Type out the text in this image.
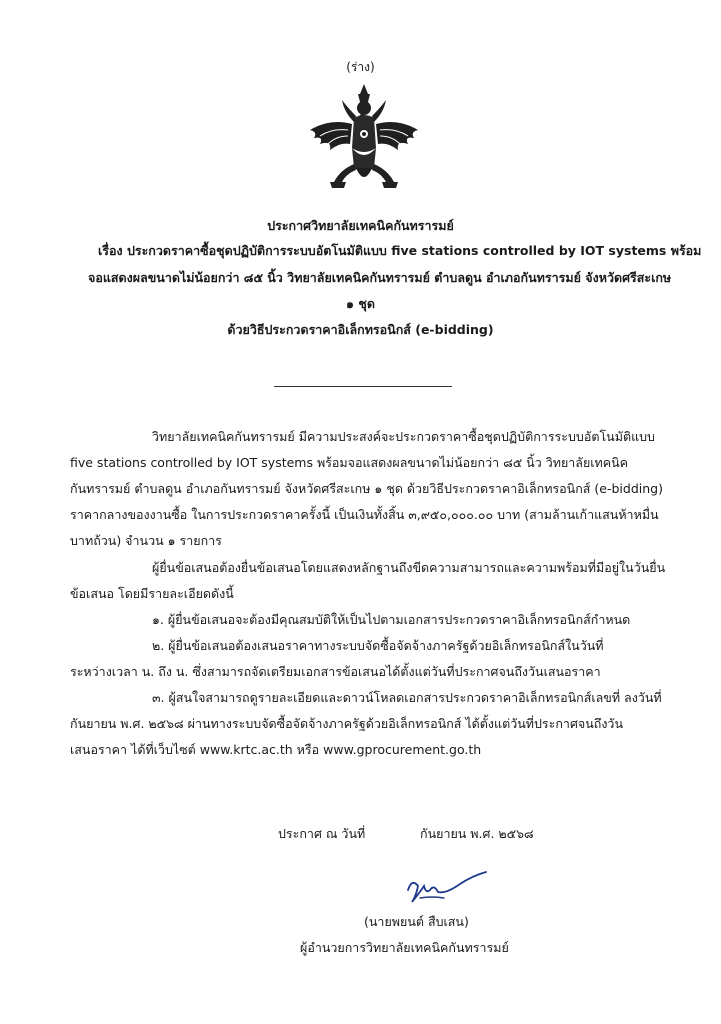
(ร่าง)
ประกาศวิทยาลัยเทคนิคกันทรารมย์
เรื่อง ประกวดราคาซื้อชุดปฏิบัติการระบบอัตโนมัติแบบ five stations controlled by IOT systems พร้อม
จอแสดงผลขนาดไม่น้อยกว่า ๘๕ นิ้ว วิทยาลัยเทคนิคกันทรารมย์ ตำบลดูน อำเภอกันทรารมย์ จังหวัดศรีสะเกษ
๑ ชุด
ด้วยวิธีประกวดราคาอิเล็กทรอนิกส์ (e-bidding)
วิทยาลัยเทคนิคกันทรารมย์ มีความประสงค์จะประกวดราคาซื้อชุดปฏิบัติการระบบอัตโนมัติแบบ
five stations controlled by IOT systems พร้อมจอแสดงผลขนาดไม่น้อยกว่า ๘๕ นิ้ว วิทยาลัยเทคนิค
กันทรารมย์ ตำบลดูน อำเภอกันทรารมย์ จังหวัดศรีสะเกษ ๑ ชุด ด้วยวิธีประกวดราคาอิเล็กทรอนิกส์ (e-bidding)
ราคากลางของงานซื้อ ในการประกวดราคาครั้งนี้ เป็นเงินทั้งสิ้น ๓,๙๕๐,๐๐๐.๐๐ บาท (สามล้านเก้าแสนห้าหมื่น
บาทถ้วน) จำนวน ๑ รายการ
ผู้ยื่นข้อเสนอต้องยื่นข้อเสนอโดยแสดงหลักฐานถึงขีดความสามารถและความพร้อมที่มีอยู่ในวันยื่น
ข้อเสนอ โดยมีรายละเอียดดังนี้
๑. ผู้ยื่นข้อเสนอจะต้องมีคุณสมบัติให้เป็นไปตามเอกสารประกวดราคาอิเล็กทรอนิกส์กำหนด
๒. ผู้ยื่นข้อเสนอต้องเสนอราคาทางระบบจัดซื้อจัดจ้างภาครัฐด้วยอิเล็กทรอนิกส์ในวันที่
ระหว่างเวลา น. ถึง น. ซึ่งสามารถจัดเตรียมเอกสารข้อเสนอได้ตั้งแต่วันที่ประกาศจนถึงวันเสนอราคา
๓. ผู้สนใจสามารถดูรายละเอียดและดาวน์โหลดเอกสารประกวดราคาอิเล็กทรอนิกส์เลขที่ ลงวันที่
กันยายน พ.ศ. ๒๕๖๘ ผ่านทางระบบจัดซื้อจัดจ้างภาครัฐด้วยอิเล็กทรอนิกส์ ได้ตั้งแต่วันที่ประกาศจนถึงวัน
เสนอราคา ได้ที่เว็บไซต์ www.krtc.ac.th หรือ www.gprocurement.go.th
ประกาศ ณ วันที่	กันยายน พ.ศ. ๒๕๖๘
(นายพยนต์ สืบเสน)
ผู้อำนวยการวิทยาลัยเทคนิคกันทรารมย์
